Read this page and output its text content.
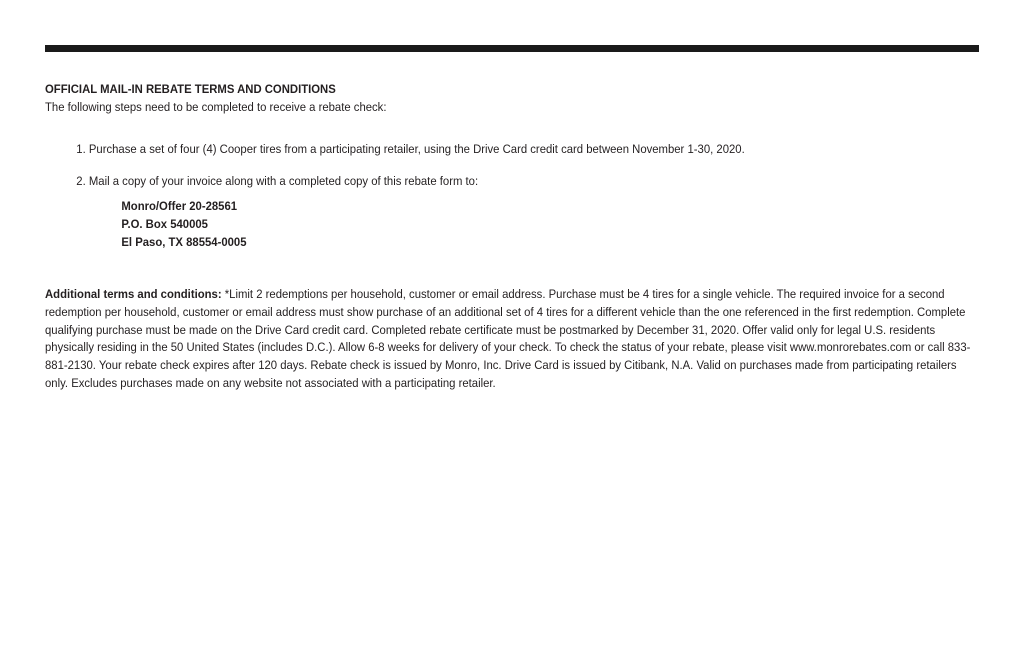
OFFICIAL MAIL-IN REBATE TERMS AND CONDITIONS

The following steps need to be completed to receive a rebate check:

1. Purchase a set of four (4) Cooper tires from a participating retailer, using the Drive Card credit card between November 1-30, 2020.
2. Mail a copy of your invoice along with a completed copy of this rebate form to:
Monro/Offer 20-28561
P.O. Box 540005
El Paso, TX 88554-0005

Additional terms and conditions: *Limit 2 redemptions per household, customer or email address. Purchase must be 4 tires for a single vehicle. The required invoice for a second redemption per household, customer or email address must show purchase of an additional set of 4 tires for a different vehicle than the one referenced in the first redemption. Complete qualifying purchase must be made on the Drive Card credit card. Completed rebate certificate must be postmarked by December 31, 2020. Offer valid only for legal U.S. residents physically residing in the 50 United States (includes D.C.). Allow 6-8 weeks for delivery of your check. To check the status of your rebate, please visit www.monrorebates.com or call 833-881-2130. Your rebate check expires after 120 days. Rebate check is issued by Monro, Inc. Drive Card is issued by Citibank, N.A. Valid on purchases made from participating retailers only. Excludes purchases made on any website not associated with a participating retailer.
